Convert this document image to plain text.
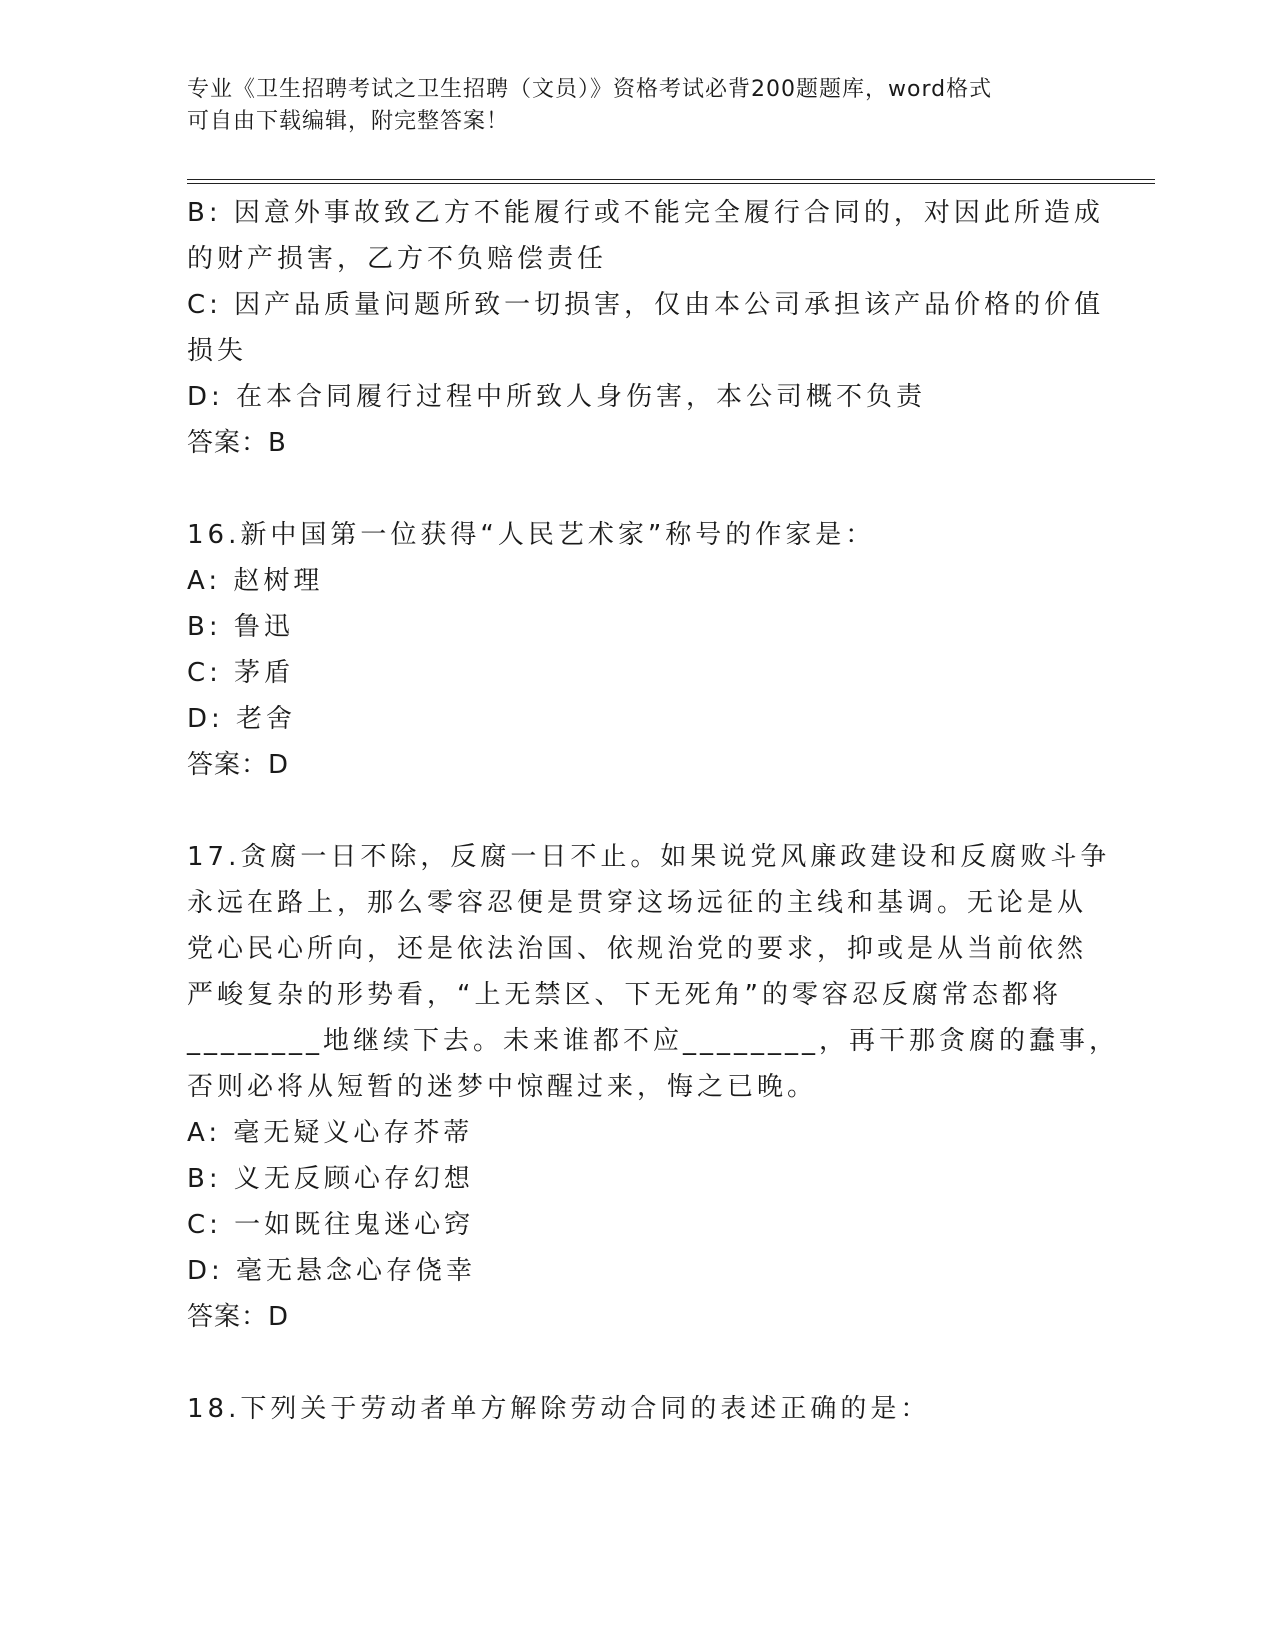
专业《卫生招聘考试之卫生招聘（文员）》资格考试必背200题题库，word格式
可自由下载编辑，附完整答案！
B: 因意外事故致乙方不能履行或不能完全履行合同的，对因此所造成
的财产损害，乙方不负赔偿责任
C: 因产品质量问题所致一切损害，仅由本公司承担该产品价格的价值
损失
D: 在本合同履行过程中所致人身伤害，本公司概不负责
答案：B
16.新中国第一位获得“人民艺术家”称号的作家是：
A: 赵树理
B: 鲁迅
C: 茅盾
D: 老舍
答案：D
17.贪腐一日不除，反腐一日不止。如果说党风廉政建设和反腐败斗争
永远在路上，那么零容忍便是贯穿这场远征的主线和基调。无论是从
党心民心所向，还是依法治国、依规治党的要求，抑或是从当前依然
严峻复杂的形势看，“上无禁区、下无死角”的零容忍反腐常态都将
________地继续下去。未来谁都不应________，再干那贪腐的蠢事，
否则必将从短暂的迷梦中惊醒过来，悔之已晚。
A: 毫无疑义心存芥蒂
B: 义无反顾心存幻想
C: 一如既往鬼迷心窍
D: 毫无悬念心存侥幸
答案：D
18.下列关于劳动者单方解除劳动合同的表述正确的是：
